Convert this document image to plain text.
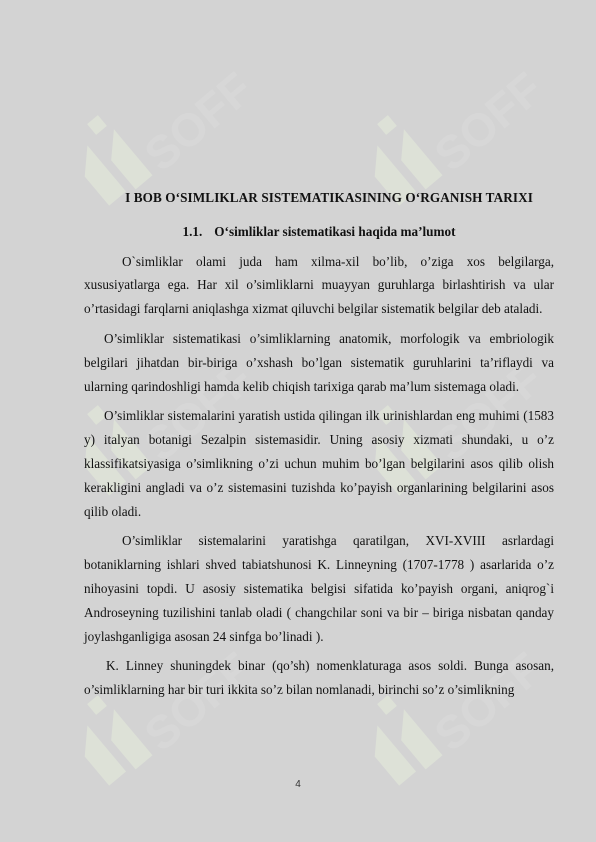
SOFF	SOFF
SOFF	SOFF
SOFF	SOFF
I BOB O‘SIMLIKLAR SISTEMATIKASINING O‘RGANISH TARIXI
1.1. O‘simliklar sistematikasi haqida ma’lumot

O`simliklar olami juda ham xilma-xil bo’lib, o’ziga xos belgilarga, xususiyatlarga ega. Har xil o’simliklarni muayyan guruhlarga birlashtirish va ular o’rtasidagi farqlarni aniqlashga xizmat qiluvchi belgilar sistematik belgilar deb ataladi.

O’simliklar sistematikasi o’simliklarning anatomik, morfologik va embriologik belgilari jihatdan bir-biriga o’xshash bo’lgan sistematik guruhlarini ta’riflaydi va ularning qarindoshligi hamda kelib chiqish tarixiga qarab ma’lum sistemaga oladi.

O’simliklar sistemalarini yaratish ustida qilingan ilk urinishlardan eng muhimi (1583 y) italyan botanigi Sezalpin sistemasidir. Uning asosiy xizmati shundaki, u o’z klassifikatsiyasiga o’simlikning o’zi uchun muhim bo’lgan belgilarini asos qilib olish kerakligini angladi va o’z sistemasini tuzishda ko’payish organlarining belgilarini asos qilib oladi.

O’simliklar sistemalarini yaratishga qaratilgan, XVI-XVIII asrlardagi botaniklarning ishlari shved tabiatshunosi K. Linneyning (1707-1778 ) asarlarida o’z nihoyasini topdi. U asosiy sistematika belgisi sifatida ko’payish organi, aniqrog`i Androseyning tuzilishini tanlab oladi ( changchilar soni va bir – biriga nisbatan qanday joylashganligiga asosan 24 sinfga bo’linadi ).

K. Linney shuningdek binar (qo’sh) nomenklaturaga asos soldi. Bunga asosan, o’simliklarning har bir turi ikkita so’z bilan nomlanadi, birinchi so’z o’simlikning

4
